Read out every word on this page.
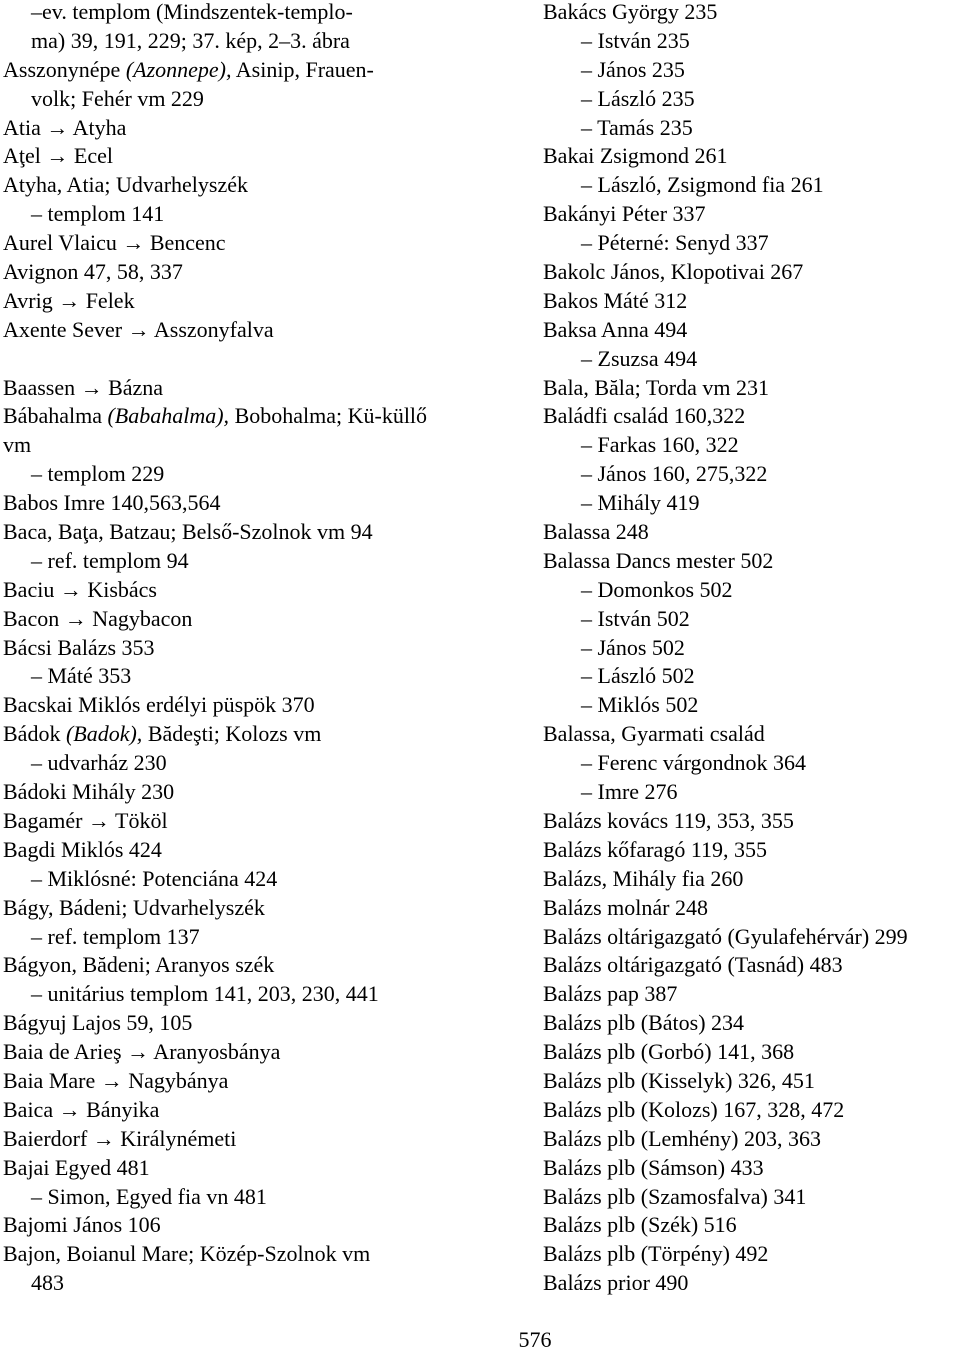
–ev. templom (Mindszentek-templo-
ma) 39, 191, 229; 37. kép, 2–3. ábra
Asszonynépe (Azonnepe), Asinip, Frauen-
volk; Fehér vm 229
Atia → Atyha
Aţel → Ecel
Atyha, Atia; Udvarhelyszék
– templom 141
Aurel Vlaicu → Bencenc
Avignon 47, 58, 337
Avrig → Felek
Axente Sever → Asszonyfalva
Baassen → Bázna
Bábahalma (Babahalma), Bobohalma; Kü-küllő
vm
– templom 229
Babos Imre 140,563,564
Baca, Baţa, Batzau; Belső-Szolnok vm 94
– ref. templom 94
Baciu → Kisbács
Bacon → Nagybacon
Bácsi Balázs 353
– Máté 353
Bacskai Miklós erdélyi püspök 370
Bádok (Badok), Bădeşti; Kolozs vm
– udvarház 230
Bádoki Mihály 230
Bagamér → Tököl
Bagdi Miklós 424
– Miklósné: Potenciána 424
Bágy, Bádeni; Udvarhelyszék
– ref. templom 137
Bágyon, Bădeni; Aranyos szék
– unitárius templom 141, 203, 230, 441
Bágyuj Lajos 59, 105
Baia de Arieş → Aranyosbánya
Baia Mare → Nagybánya
Baica → Bányika
Baierdorf → Királynémeti
Bajai Egyed 481
– Simon, Egyed fia vn 481
Bajomi János 106
Bajon, Boianul Mare; Közép-Szolnok vm
483
Bakács György 235
– István 235
– János 235
– László 235
– Tamás 235
Bakai Zsigmond 261
– László, Zsigmond fia 261
Bakányi Péter 337
– Péterné: Senyd 337
Bakolc János, Klopotivai 267
Bakos Máté 312
Baksa Anna 494
– Zsuzsa 494
Bala, Băla; Torda vm 231
Baládfi család 160,322
– Farkas 160, 322
– János 160, 275,322
– Mihály 419
Balassa 248
Balassa Dancs mester 502
– Domonkos 502
– István 502
– János 502
– László 502
– Miklós 502
Balassa, Gyarmati család
– Ferenc várgondnok 364
– Imre 276
Balázs kovács 119, 353, 355
Balázs kőfaragó 119, 355
Balázs, Mihály fia 260
Balázs molnár 248
Balázs oltárigazgató (Gyulafehérvár) 299
Balázs oltárigazgató (Tasnád) 483
Balázs pap 387
Balázs plb (Bátos) 234
Balázs plb (Gorbó) 141, 368
Balázs plb (Kisselyk) 326, 451
Balázs plb (Kolozs) 167, 328, 472
Balázs plb (Lemhény) 203, 363
Balázs plb (Sámson) 433
Balázs plb (Szamosfalva) 341
Balázs plb (Szék) 516
Balázs plb (Törpény) 492
Balázs prior 490
576
